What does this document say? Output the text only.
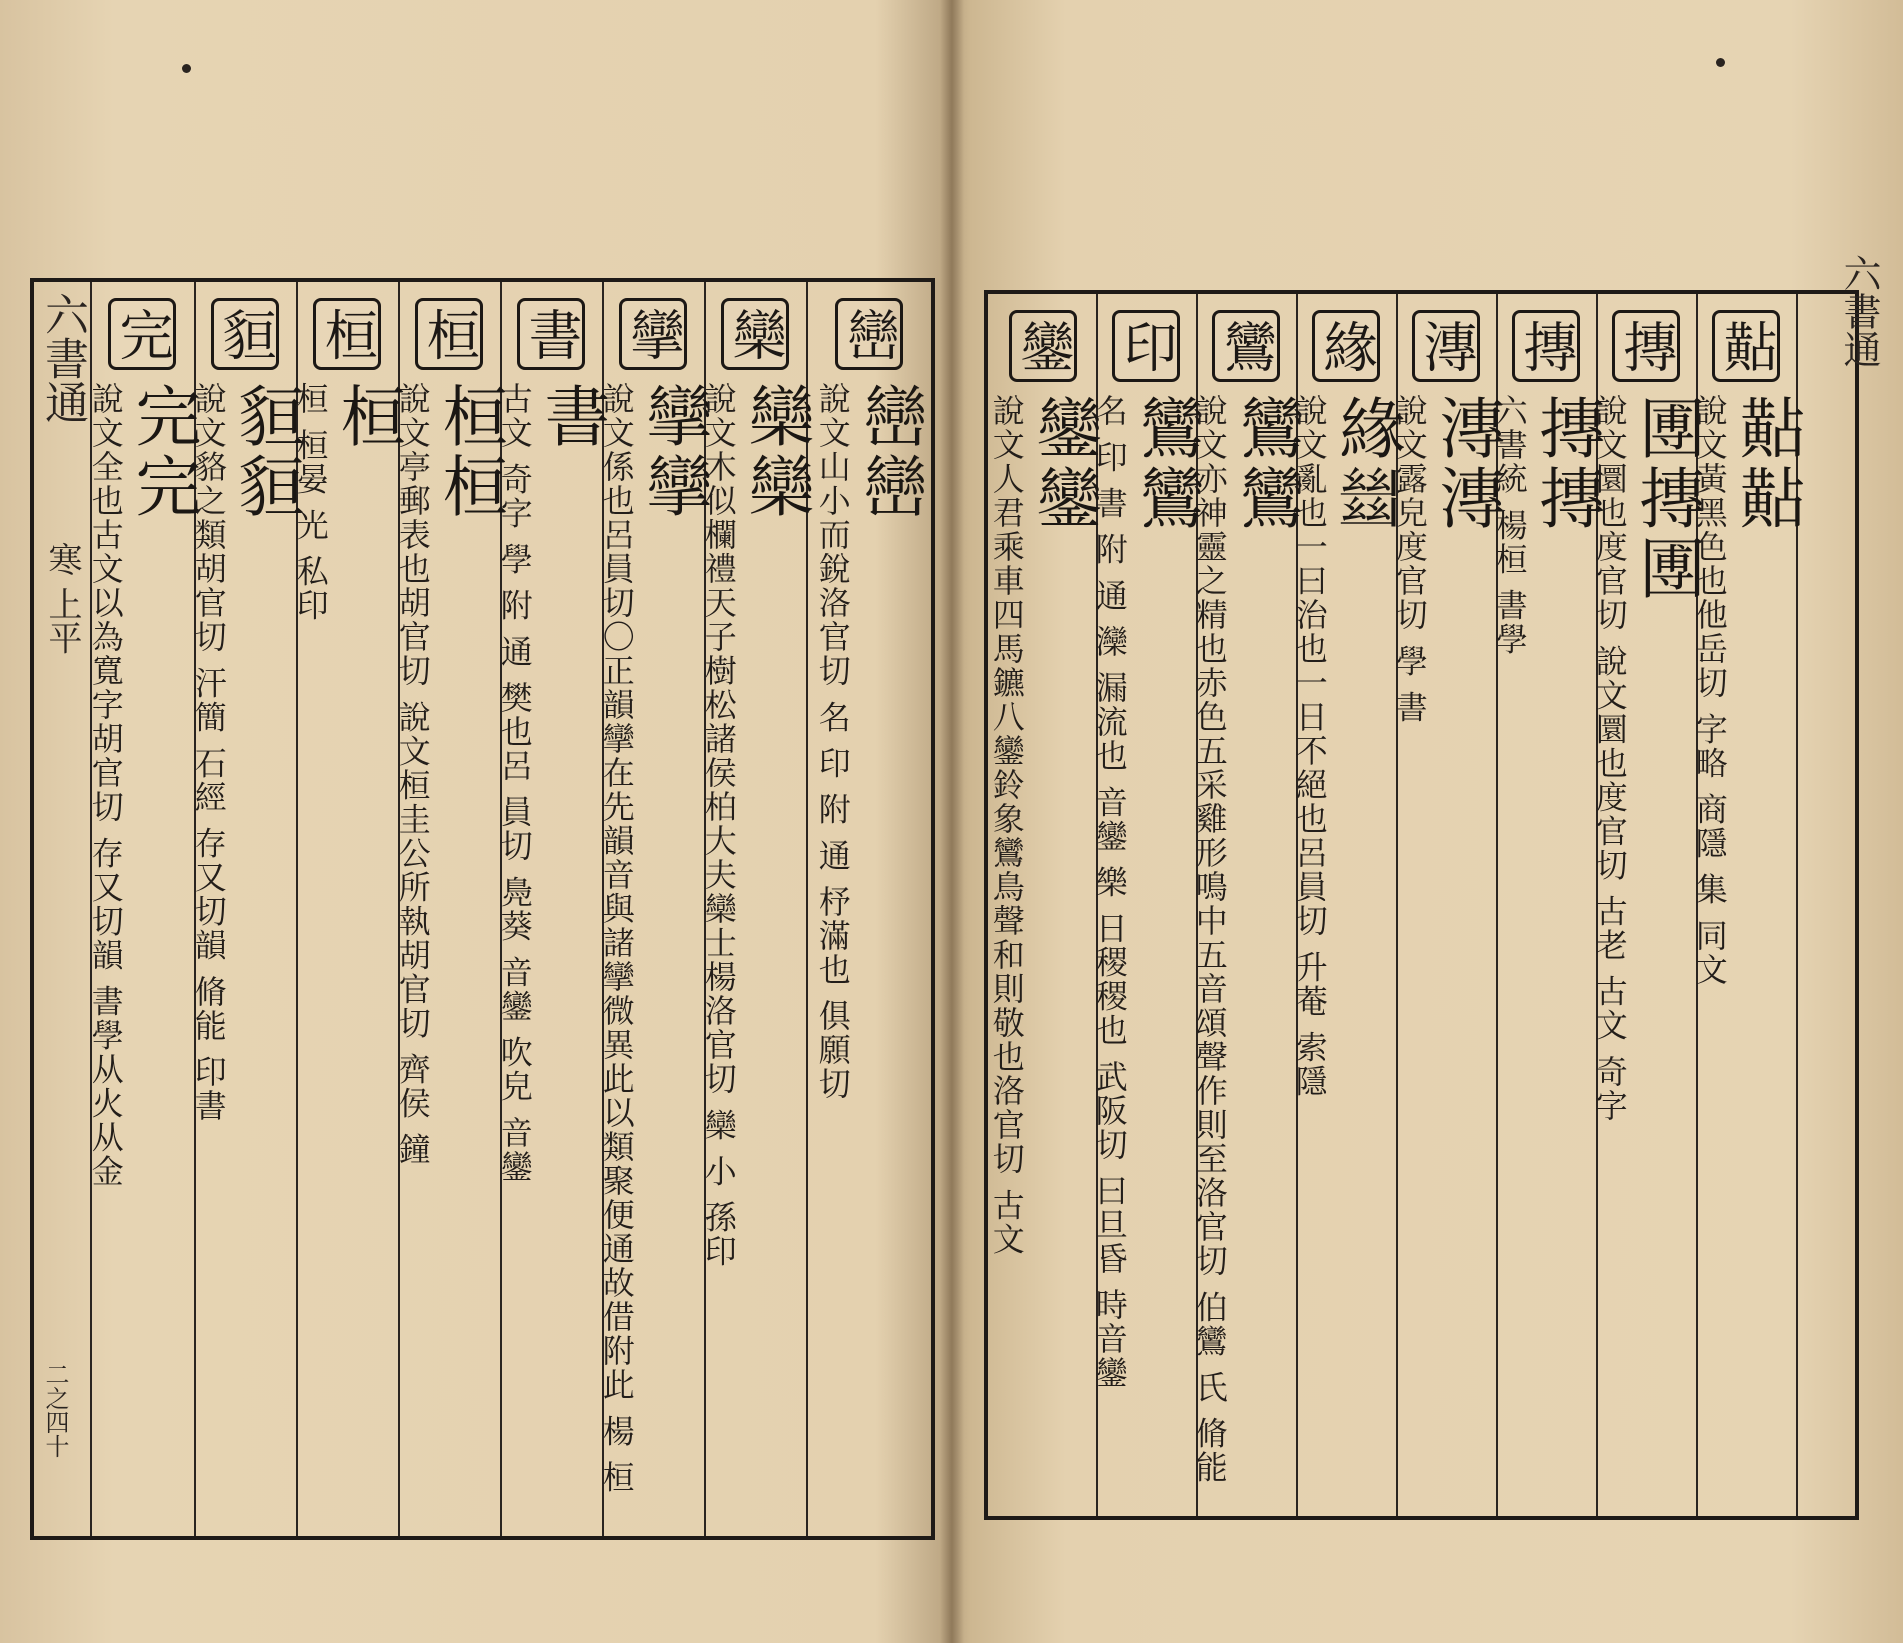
六書通
寒 上平
二之四十
完
完完
說文全也古文以為寬字胡官切 存又切韻 書學从火从金
貆
貆貆
說文貉之類胡官切 汗簡 石經 存又切韻 脩能 印書
桓
桓
桓 桓晏 光 私印
桓
桓桓
說文亭郵表也胡官切 說文桓圭公所執胡官切 齊侯 鐘
書
書
古文 奇字 學 附 通 樊也呂 員切 鳧葵 音鑾 吹皃 音鑾
攣
攣攣
說文係也呂員切〇正韻攣在先韻音與諸攣微異此以類聚便通故借附此 楊 桓
欒
欒欒
說文木似欄禮天子樹松諸侯柏大夫欒士楊洛官切 欒 小 孫印
巒
巒巒
說文山小而銳洛官切 名 印 附 通 杼滿也 俱願切
六書通
鑾
鑾鑾
說文人君乘車四馬鑣八鑾鈴象鸞鳥聲和則敬也洛官切 古文
印
鸞鸞
名 印 書 附 通 灤 漏流也 音鑾 樂 日稷稷也 武阪切 曰旦昏 時音鑾
鸞
鸞鸞
說文亦神靈之精也赤色五采雞形鳴中五音頌聲作則至洛官切 伯鸞 氏 脩能
緣
緣𢇍
說文亂也一曰治也一日不絕也呂員切 升菴 索隱
漙
漙漙
說文露皃度官切 學 書
摶
摶摶
六書統 楊桓 書學
摶
圑摶圑
說文圜也度官切 說文圜也度官切 古老 古文 奇字
黇
黇黇
說文黃黑色也他岳切 字略 商隱 集 同文
